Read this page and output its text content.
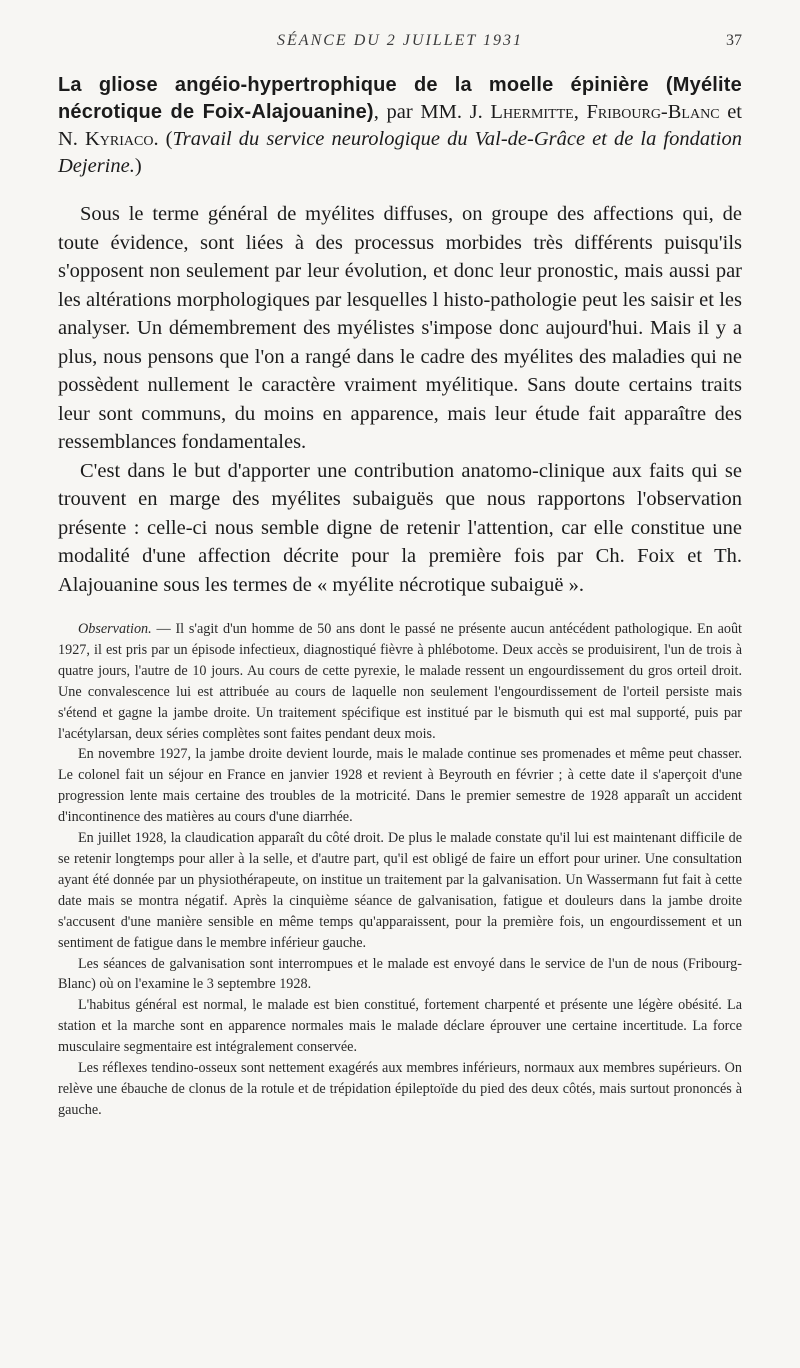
SÉANCE DU 2 JUILLET 1931	37
La gliose angéio-hypertrophique de la moelle épinière (Myélite nécrotique de Foix-Alajouanine), par MM. J. Lhermitte, Fribourg-Blanc et N. Kyriaco. (Travail du service neurologique du Val-de-Grâce et de la fondation Dejerine.)

Sous le terme général de myélites diffuses, on groupe des affections qui, de toute évidence, sont liées à des processus morbides très différents puisqu'ils s'opposent non seulement par leur évolution, et donc leur pronostic, mais aussi par les altérations morphologiques par lesquelles l histo-pathologie peut les saisir et les analyser. Un démembrement des myélistes s'impose donc aujourd'hui. Mais il y a plus, nous pensons que l'on a rangé dans le cadre des myélites des maladies qui ne possèdent nullement le caractère vraiment myélitique. Sans doute certains traits leur sont communs, du moins en apparence, mais leur étude fait apparaître des ressemblances fondamentales.

C'est dans le but d'apporter une contribution anatomo-clinique aux faits qui se trouvent en marge des myélites subaiguës que nous rapportons l'observation présente : celle-ci nous semble digne de retenir l'attention, car elle constitue une modalité d'une affection décrite pour la première fois par Ch. Foix et Th. Alajouanine sous les termes de « myélite nécrotique subaiguë ».

Observation. — Il s'agit d'un homme de 50 ans dont le passé ne présente aucun antécédent pathologique. En août 1927, il est pris par un épisode infectieux, diagnostiqué fièvre à phlébotome. Deux accès se produisirent, l'un de trois à quatre jours, l'autre de 10 jours. Au cours de cette pyrexie, le malade ressent un engourdissement du gros orteil droit. Une convalescence lui est attribuée au cours de laquelle non seulement l'engourdissement de l'orteil persiste mais s'étend et gagne la jambe droite. Un traitement spécifique est institué par le bismuth qui est mal supporté, puis par l'acétylarsan, deux séries complètes sont faites pendant deux mois.

En novembre 1927, la jambe droite devient lourde, mais le malade continue ses promenades et même peut chasser. Le colonel fait un séjour en France en janvier 1928 et revient à Beyrouth en février ; à cette date il s'aperçoit d'une progression lente mais certaine des troubles de la motricité. Dans le premier semestre de 1928 apparaît un accident d'incontinence des matières au cours d'une diarrhée.

En juillet 1928, la claudication apparaît du côté droit. De plus le malade constate qu'il lui est maintenant difficile de se retenir longtemps pour aller à la selle, et d'autre part, qu'il est obligé de faire un effort pour uriner. Une consultation ayant été donnée par un physiothérapeute, on institue un traitement par la galvanisation. Un Wassermann fut fait à cette date mais se montra négatif. Après la cinquième séance de galvanisation, fatigue et douleurs dans la jambe droite s'accusent d'une manière sensible en même temps qu'apparaissent, pour la première fois, un engourdissement et un sentiment de fatigue dans le membre inférieur gauche.

Les séances de galvanisation sont interrompues et le malade est envoyé dans le service de l'un de nous (Fribourg-Blanc) où on l'examine le 3 septembre 1928.

L'habitus général est normal, le malade est bien constitué, fortement charpenté et présente une légère obésité. La station et la marche sont en apparence normales mais le malade déclare éprouver une certaine incertitude. La force musculaire segmentaire est intégralement conservée.

Les réflexes tendino-osseux sont nettement exagérés aux membres inférieurs, normaux aux membres supérieurs. On relève une ébauche de clonus de la rotule et de trépidation épileptoïde du pied des deux côtés, mais surtout prononcés à gauche.
